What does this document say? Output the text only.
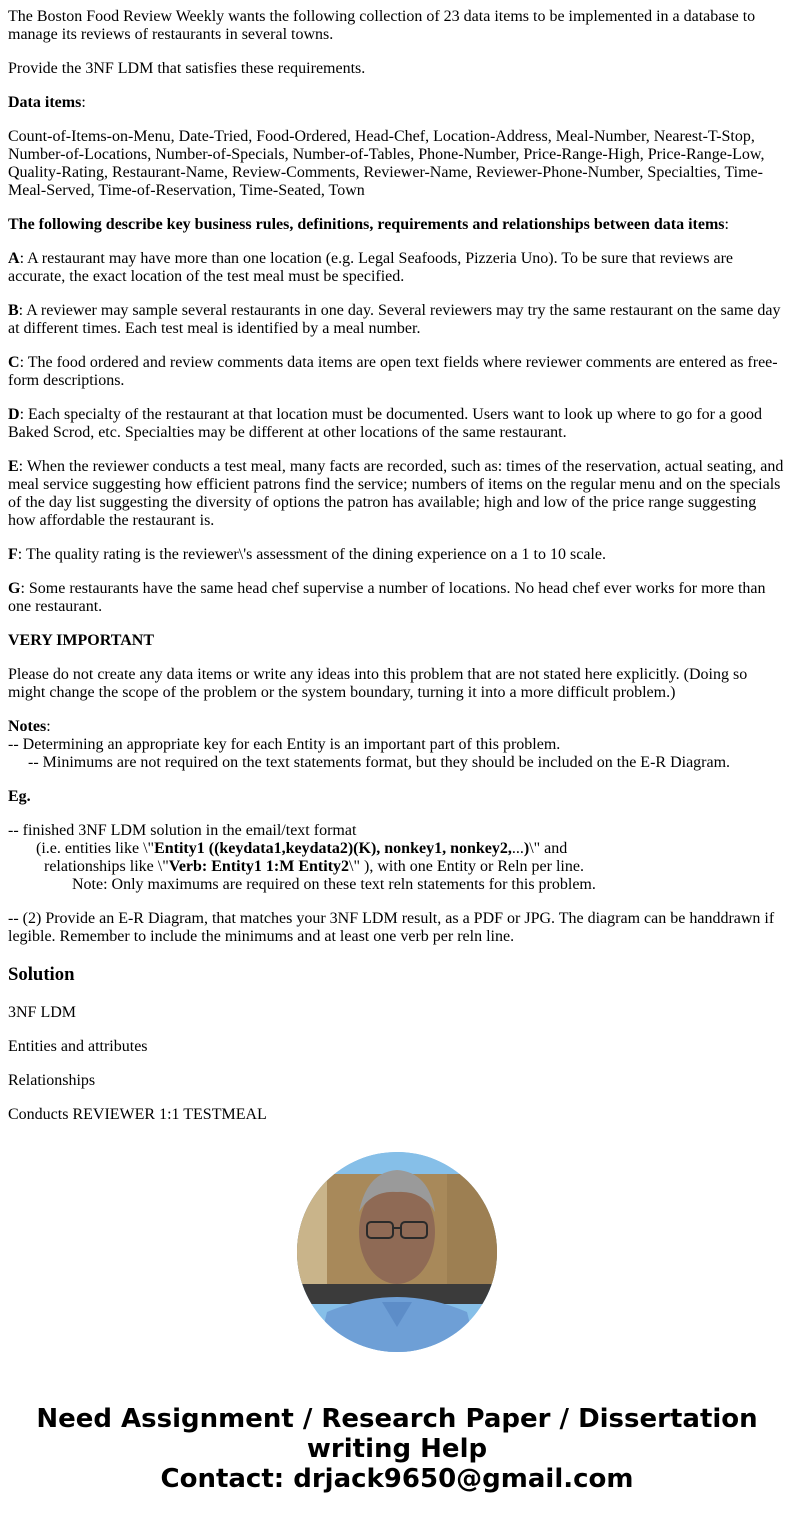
The Boston Food Review Weekly wants the following collection of 23 data items to be implemented in a database to manage its reviews of restaurants in several towns.

Provide the 3NF LDM that satisfies these requirements.

Data items:

Count-of-Items-on-Menu, Date-Tried, Food-Ordered, Head-Chef, Location-Address, Meal-Number, Nearest-T-Stop, Number-of-Locations, Number-of-Specials, Number-of-Tables, Phone-Number, Price-Range-High, Price-Range-Low, Quality-Rating, Restaurant-Name, Review-Comments, Reviewer-Name, Reviewer-Phone-Number, Specialties, Time-Meal-Served, Time-of-Reservation, Time-Seated, Town

The following describe key business rules, definitions, requirements and relationships between data items:

A: A restaurant may have more than one location (e.g. Legal Seafoods, Pizzeria Uno). To be sure that reviews are accurate, the exact location of the test meal must be specified.

B: A reviewer may sample several restaurants in one day. Several reviewers may try the same restaurant on the same day at different times. Each test meal is identified by a meal number.

C: The food ordered and review comments data items are open text fields where reviewer comments are entered as free-form descriptions.

D: Each specialty of the restaurant at that location must be documented. Users want to look up where to go for a good Baked Scrod, etc. Specialties may be different at other locations of the same restaurant.

E: When the reviewer conducts a test meal, many facts are recorded, such as: times of the reservation, actual seating, and meal service suggesting how efficient patrons find the service; numbers of items on the regular menu and on the specials of the day list suggesting the diversity of options the patron has available; high and low of the price range suggesting how affordable the restaurant is.

F: The quality rating is the reviewer\'s assessment of the dining experience on a 1 to 10 scale.

G: Some restaurants have the same head chef supervise a number of locations. No head chef ever works for more than one restaurant.

VERY IMPORTANT

Please do not create any data items or write any ideas into this problem that are not stated here explicitly. (Doing so might change the scope of the problem or the system boundary, turning it into a more difficult problem.)

Notes:
-- Determining an appropriate key for each Entity is an important part of this problem.
-- Minimums are not required on the text statements format, but they should be included on the E-R Diagram.

Eg.

-- finished 3NF LDM solution in the email/text format
(i.e. entities like \"Entity1 ((keydata1,keydata2)(K), nonkey1, nonkey2,...)\" and
relationships like \"Verb: Entity1 1:M Entity2\" ), with one Entity or Reln per line.
Note: Only maximums are required on these text reln statements for this problem.

-- (2) Provide an E-R Diagram, that matches your 3NF LDM result, as a PDF or JPG. The diagram can be handdrawn if legible. Remember to include the minimums and at least one verb per reln line.

Solution

3NF LDM

Entities and attributes

Relationships

Conducts REVIEWER 1:1 TESTMEAL

Need Assignment / Research Paper / Dissertation
writing Help
Contact: drjack9650@gmail.com
